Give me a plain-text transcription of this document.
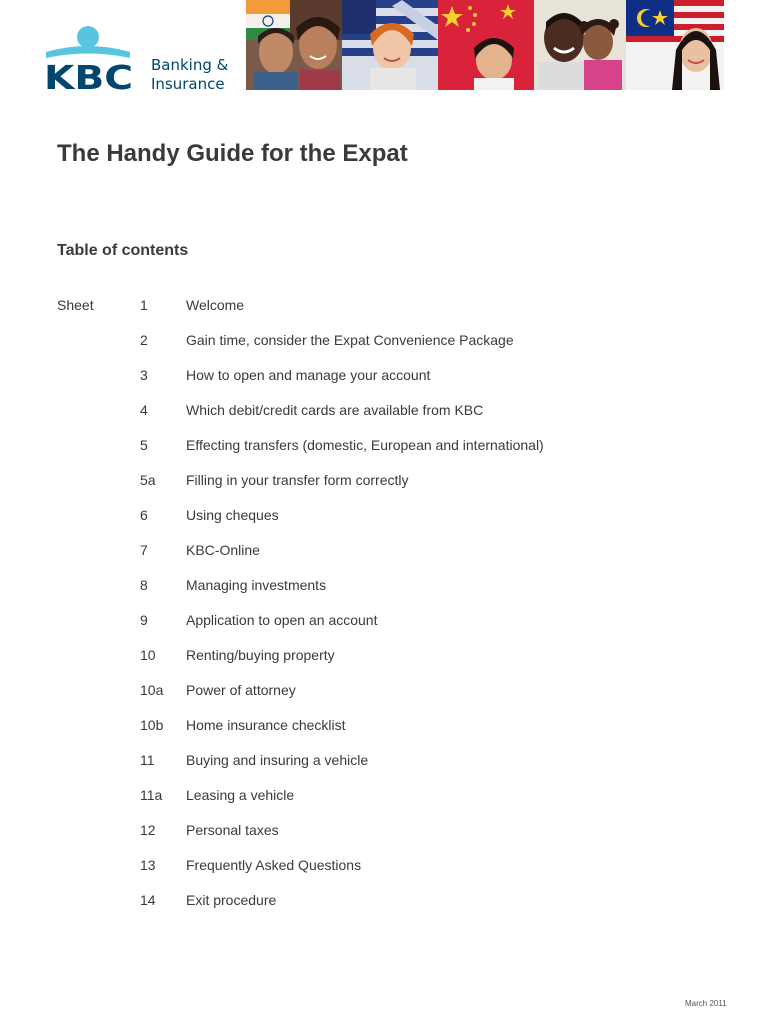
KBC Banking &
Insurance
The Handy Guide for the Expat
Table of contents
Sheet	1	Welcome
2	Gain time, consider the Expat Convenience Package
3	How to open and manage your account
4	Which debit/credit cards are available from KBC
5	Effecting transfers (domestic, European and international)
5a Filling in your transfer form correctly
6	Using cheques
7	KBC-Online
8	Managing investments
9	Application to open an account
10 Renting/buying property
10a Power of attorney
10b Home insurance checklist
11 Buying and insuring a vehicle
11a Leasing a vehicle
12 Personal taxes
13 Frequently Asked Questions
14 Exit procedure
March 2011
